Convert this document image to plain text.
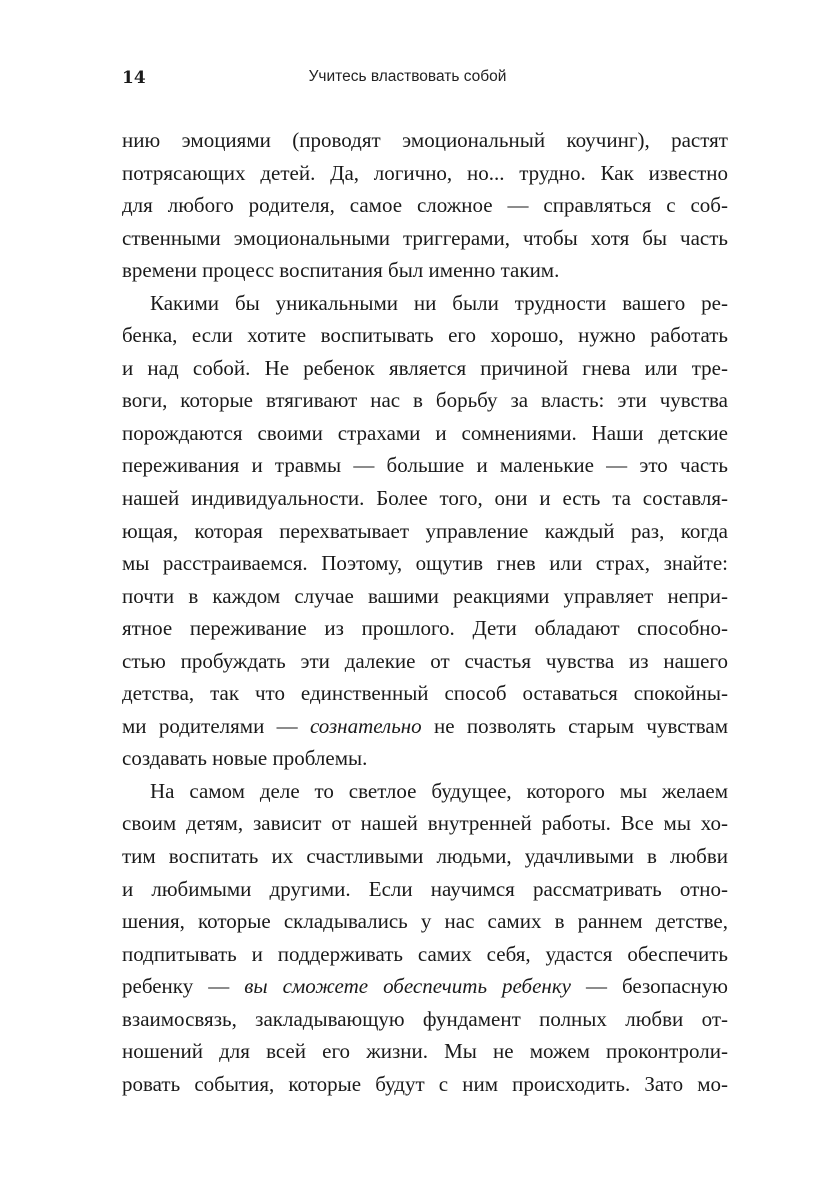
14	Учитесь властвовать собой
нию эмоциями (проводят эмоциональный коучинг), растят
потрясающих детей. Да, логично, но... трудно. Как известно
для любого родителя, самое сложное — справляться с соб-
ственными эмоциональными триггерами, чтобы хотя бы часть
времени процесс воспитания был именно таким.
Какими бы уникальными ни были трудности вашего ре-
бенка, если хотите воспитывать его хорошо, нужно работать
и над собой. Не ребенок является причиной гнева или тре-
воги, которые втягивают нас в борьбу за власть: эти чувства
порождаются своими страхами и сомнениями. Наши детские
переживания и травмы — большие и маленькие — это часть
нашей индивидуальности. Более того, они и есть та составля-
ющая, которая перехватывает управление каждый раз, когда
мы расстраиваемся. Поэтому, ощутив гнев или страх, знайте:
почти в каждом случае вашими реакциями управляет непри-
ятное переживание из прошлого. Дети обладают способно-
стью пробуждать эти далекие от счастья чувства из нашего
детства, так что единственный способ оставаться спокойны-
ми родителями — сознательно не позволять старым чувствам
создавать новые проблемы.
На самом деле то светлое будущее, которого мы желаем
своим детям, зависит от нашей внутренней работы. Все мы хо-
тим воспитать их счастливыми людьми, удачливыми в любви
и любимыми другими. Если научимся рассматривать отно-
шения, которые складывались у нас самих в раннем детстве,
подпитывать и поддерживать самих себя, удастся обеспечить
ребенку — вы сможете обеспечить ребенку — безопасную
взаимосвязь, закладывающую фундамент полных любви от-
ношений для всей его жизни. Мы не можем проконтроли-
ровать события, которые будут с ним происходить. Зато мо-
